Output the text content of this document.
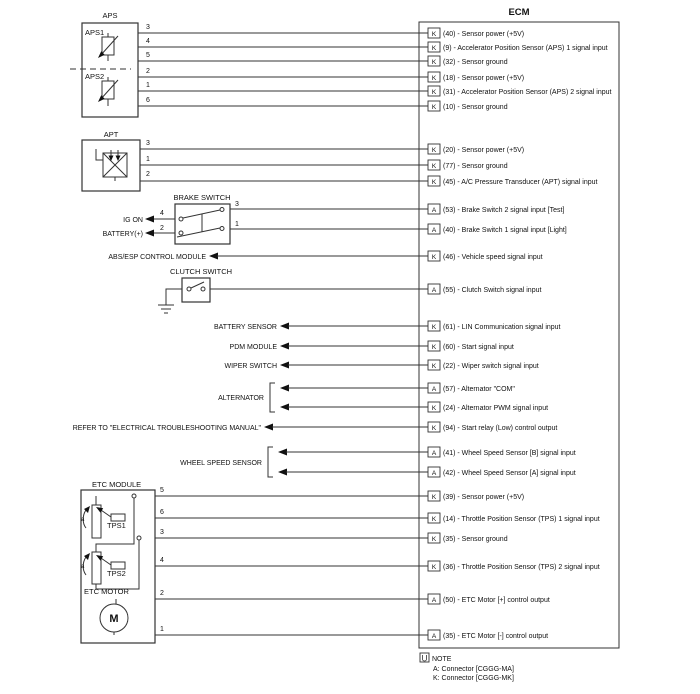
ECM
K (40) - Sensor power (+5V)
K (9) - Accelerator Position Sensor (APS) 1 signal input
K (32) - Sensor ground
K (18) - Sensor power (+5V)
K (31) - Accelerator Position Sensor (APS) 2 signal input
K (10) - Sensor ground
K (20) - Sensor power (+5V)
K (77) - Sensor ground
K (45) - A/C Pressure Transducer (APT) signal input
A (53) - Brake Switch 2 signal input [Test]
A (40) - Brake Switch 1 signal input [Light]
ABS/ESP CONTROL MODULE	K (46) - Vehicle speed signal input
A (55) - Clutch Switch signal input
BATTERY SENSOR	K (61) - LIN Communication signal input
PDM MODULE	K (60) - Start signal input
WIPER SWITCH	K (22) - Wiper switch signal input
A (57) - Alternator "COM"
K (24) - Alternator PWM signal input
REFER TO "ELECTRICAL TROUBLESHOOTING MANUAL"	K (94) - Start relay (Low) control output
A (41) - Wheel Speed Sensor [B] signal input
A (42) - Wheel Speed Sensor [A] signal input
K (39) - Sensor power (+5V)
K (14) - Throttle Position Sensor (TPS) 1 signal input
K (35) - Sensor ground
K (36) - Throttle Position Sensor (TPS) 2 signal input
A (50) - ETC Motor [+] control output
A (35) - ETC Motor [-] control output
APS
APS1
APS2
3
4
5
2
1
6
APT
3
1
2
BRAKE SWITCH
3
1
4
IG ON
2
BATTERY(+)
CLUTCH SWITCH
ALTERNATOR
WHEEL SPEED SENSOR
ETC MODULE
TPS1
a
TPS2
a
ETC MOTOR
M
5
6
3
4
2
1
NOTE
A: Connector [CGGG-MA]
K: Connector [CGGG-MK]
